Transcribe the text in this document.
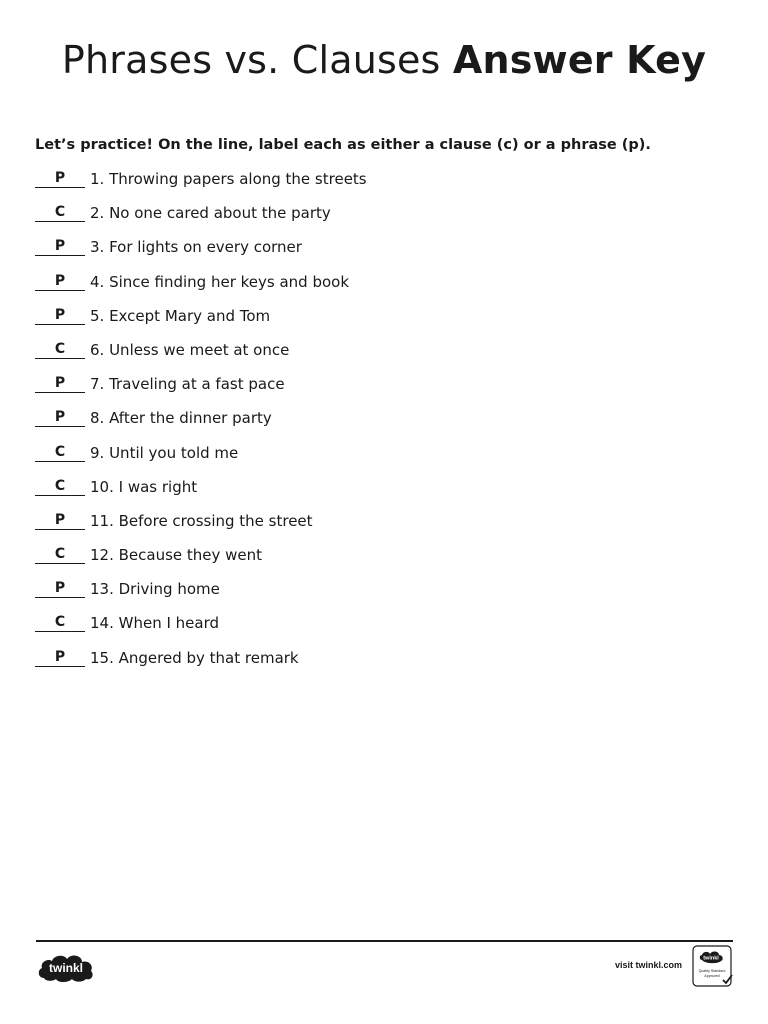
Phrases vs. Clauses Answer Key

Let’s practice! On the line, label each as either a clause (c) or a phrase (p).

P	1. Throwing papers along the streets
C	2. No one cared about the party
P	3. For lights on every corner
P	4. Since finding her keys and book
P	5. Except Mary and Tom
C	6. Unless we meet at once
P	7. Traveling at a fast pace
P	8. After the dinner party
C	9. Until you told me
C	10. I was right
P	11. Before crossing the street
C	12. Because they went
P	13. Driving home
C	14. When I heard
P	15. Angered by that remark
twinkl	visit twinkl.com
twinkl
Quality Standard
Approved
